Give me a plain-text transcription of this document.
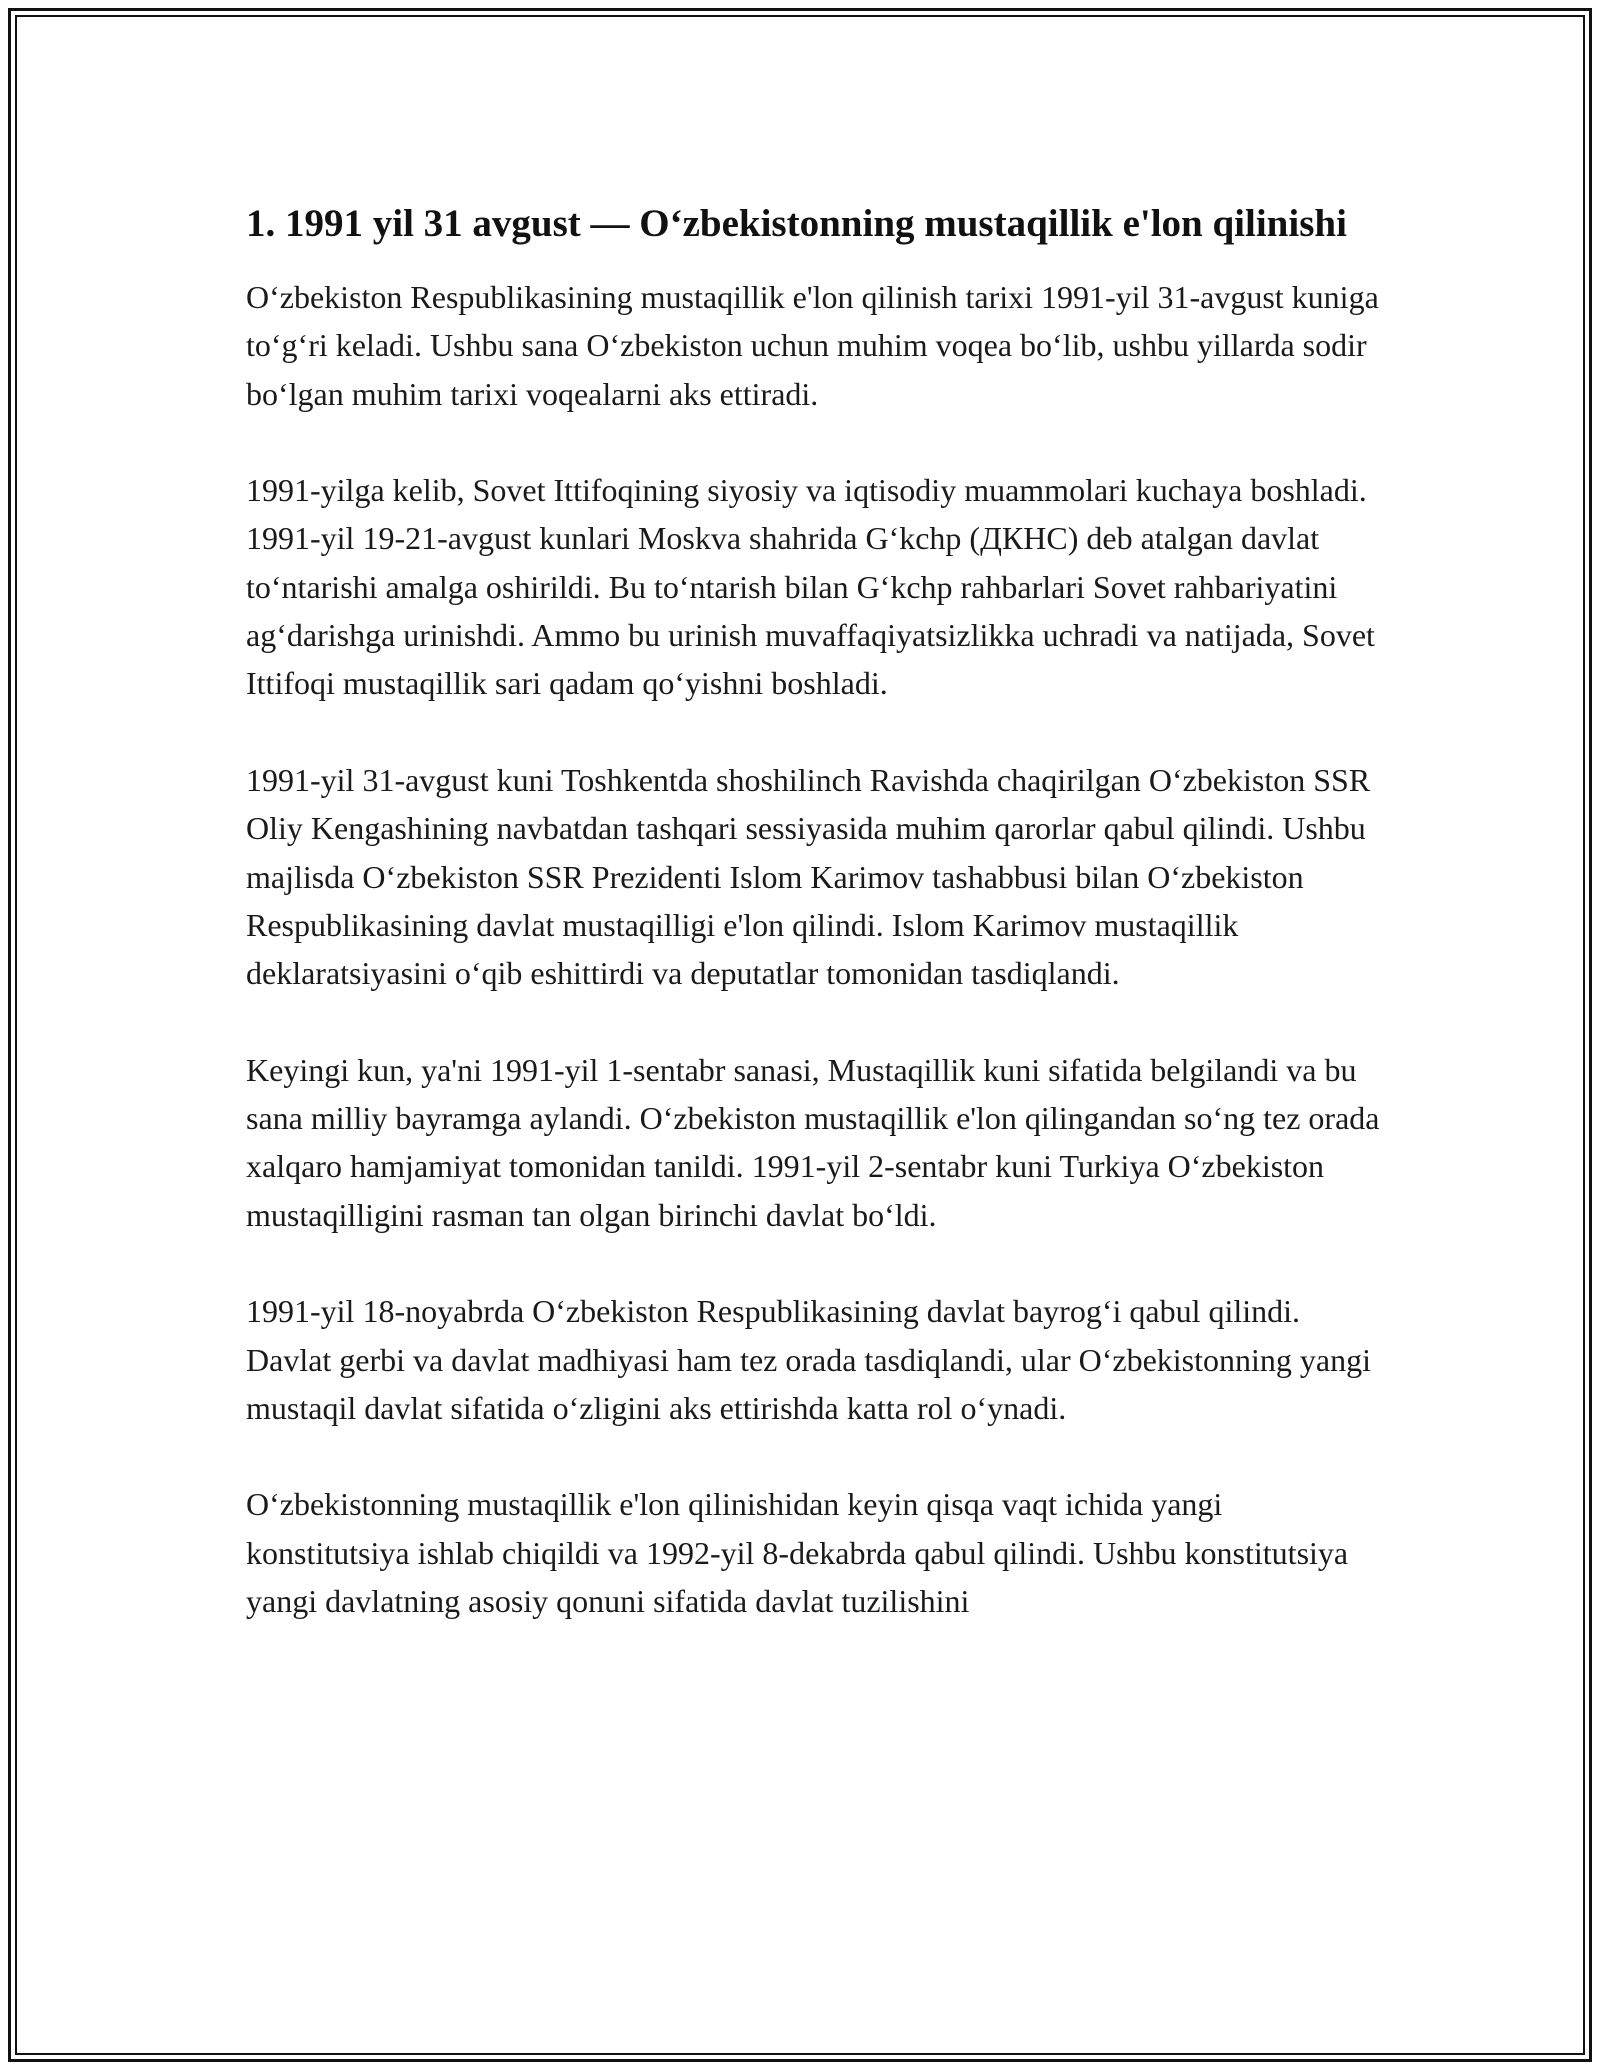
1. 1991 yil 31 avgust — O‘zbekistonning mustaqillik e'lon qilinishi

O‘zbekiston Respublikasining mustaqillik e'lon qilinish tarixi 1991-yil 31-avgust kuniga to‘g‘ri keladi. Ushbu sana O‘zbekiston uchun muhim voqea bo‘lib, ushbu yillarda sodir bo‘lgan muhim tarixi voqealarni aks ettiradi.

1991-yilga kelib, Sovet Ittifoqining siyosiy va iqtisodiy muammolari kuchaya boshladi. 1991-yil 19-21-avgust kunlari Moskva shahrida G‘kchp (ДКНС) deb atalgan davlat to‘ntarishi amalga oshirildi. Bu to‘ntarish bilan G‘kchp rahbarlari Sovet rahbariyatini ag‘darishga urinishdi. Ammo bu urinish muvaffaqiyatsizlikka uchradi va natijada, Sovet Ittifoqi mustaqillik sari qadam qo‘yishni boshladi.

1991-yil 31-avgust kuni Toshkentda shoshilinch Ravishda chaqirilgan O‘zbekiston SSR Oliy Kengashining navbatdan tashqari sessiyasida muhim qarorlar qabul qilindi. Ushbu majlisda O‘zbekiston SSR Prezidenti Islom Karimov tashabbusi bilan O‘zbekiston Respublikasining davlat mustaqilligi e'lon qilindi. Islom Karimov mustaqillik deklaratsiyasini o‘qib eshittirdi va deputatlar tomonidan tasdiqlandi.

Keyingi kun, ya'ni 1991-yil 1-sentabr sanasi, Mustaqillik kuni sifatida belgilandi va bu sana milliy bayramga aylandi. O‘zbekiston mustaqillik e'lon qilingandan so‘ng tez orada xalqaro hamjamiyat tomonidan tanildi. 1991-yil 2-sentabr kuni Turkiya O‘zbekiston mustaqilligini rasman tan olgan birinchi davlat bo‘ldi.

1991-yil 18-noyabrda O‘zbekiston Respublikasining davlat bayrog‘i qabul qilindi. Davlat gerbi va davlat madhiyasi ham tez orada tasdiqlandi, ular O‘zbekistonning yangi mustaqil davlat sifatida o‘zligini aks ettirishda katta rol o‘ynadi.

O‘zbekistonning mustaqillik e'lon qilinishidan keyin qisqa vaqt ichida yangi konstitutsiya ishlab chiqildi va 1992-yil 8-dekabrda qabul qilindi. Ushbu konstitutsiya yangi davlatning asosiy qonuni sifatida davlat tuzilishini
